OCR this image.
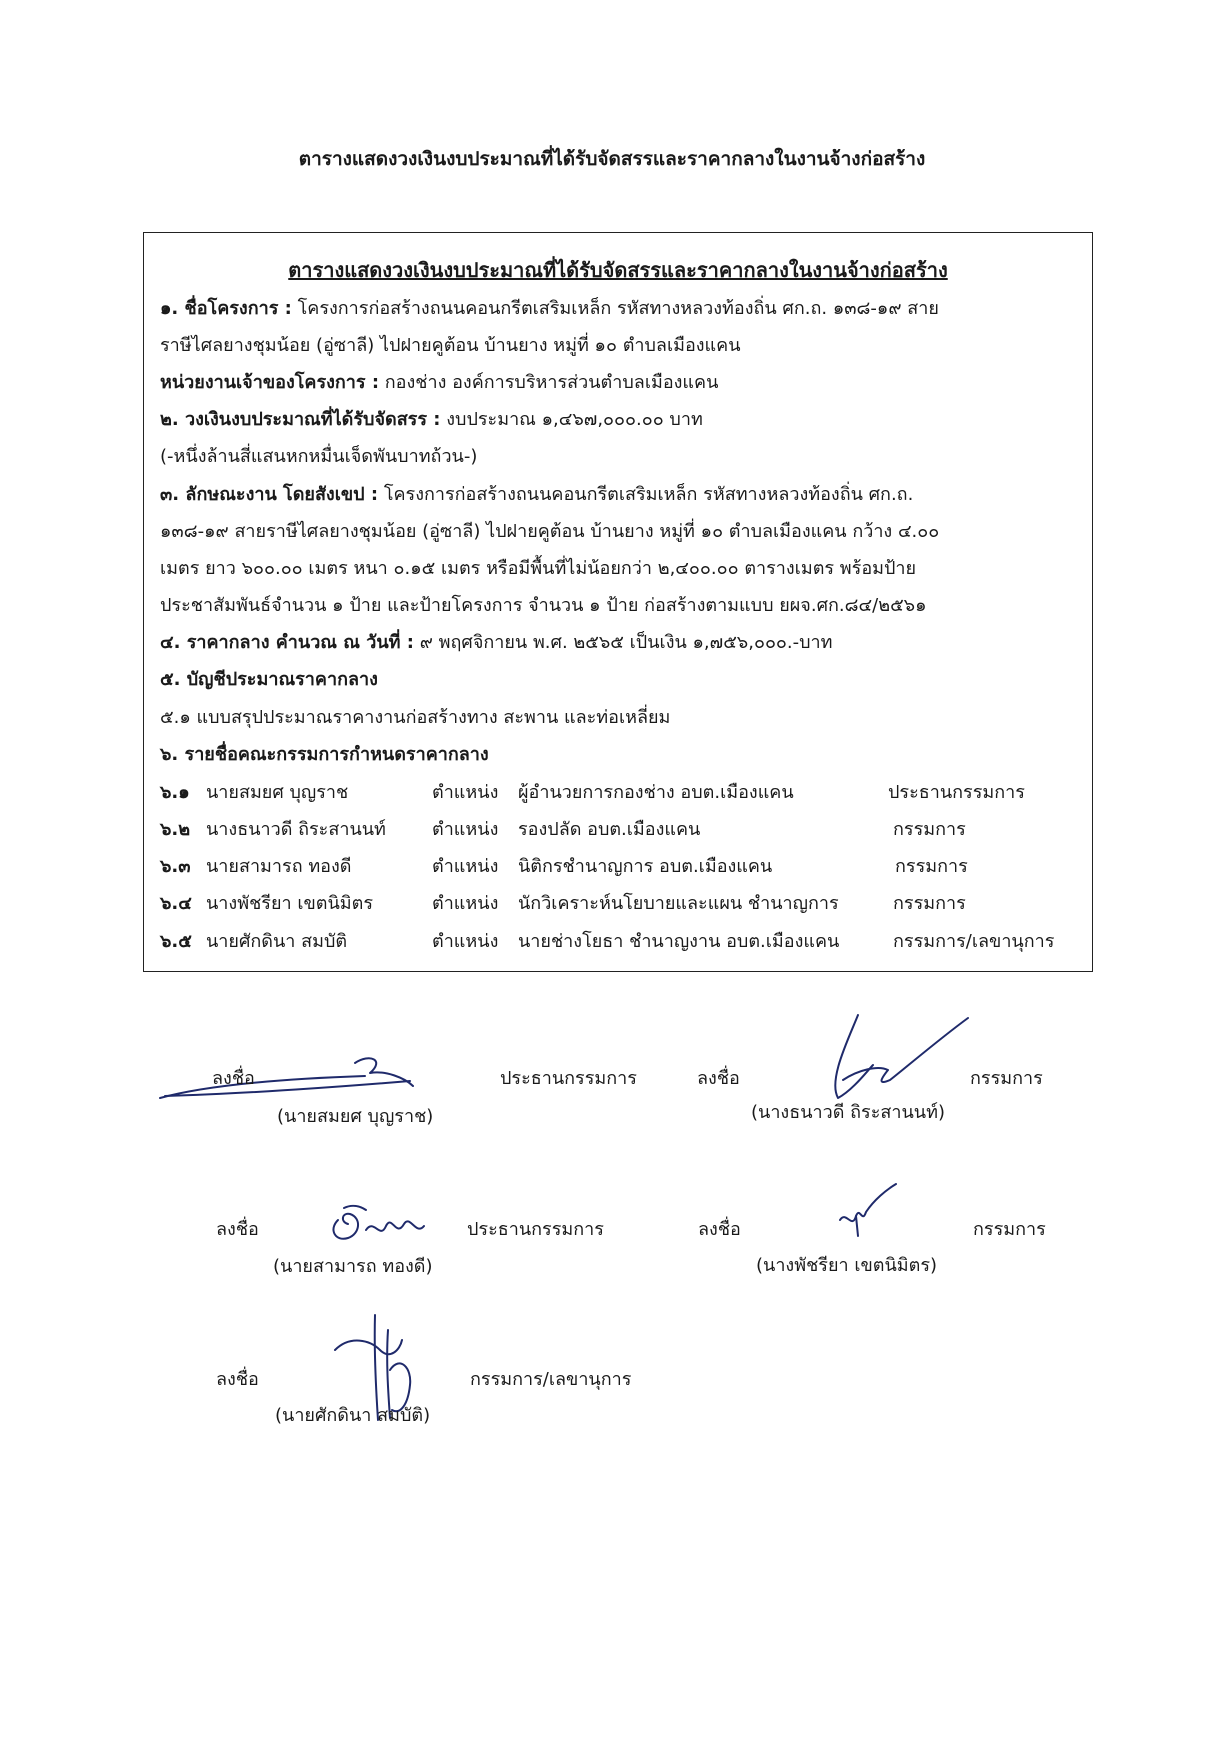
ตารางแสดงวงเงินงบประมาณที่ได้รับจัดสรรและราคากลางในงานจ้างก่อสร้าง
ตารางแสดงวงเงินงบประมาณที่ได้รับจัดสรรและราคากลางในงานจ้างก่อสร้าง
๑. ชื่อโครงการ : โครงการก่อสร้างถนนคอนกรีตเสริมเหล็ก รหัสทางหลวงท้องถิ่น ศก.ถ. ๑๓๘-๑๙ สาย
ราษีไศลยางชุมน้อย (อู่ซาลี) ไปฝายคูต้อน บ้านยาง หมู่ที่ ๑๐ ตำบลเมืองแคน
หน่วยงานเจ้าของโครงการ : กองช่าง องค์การบริหารส่วนตำบลเมืองแคน
๒. วงเงินงบประมาณที่ได้รับจัดสรร : งบประมาณ ๑,๔๖๗,๐๐๐.๐๐ บาท
(-หนึ่งล้านสี่แสนหกหมื่นเจ็ดพันบาทถ้วน-)
๓. ลักษณะงาน โดยสังเขป : โครงการก่อสร้างถนนคอนกรีตเสริมเหล็ก รหัสทางหลวงท้องถิ่น ศก.ถ.
๑๓๘-๑๙ สายราษีไศลยางชุมน้อย (อู่ซาลี) ไปฝายคูต้อน บ้านยาง หมู่ที่ ๑๐ ตำบลเมืองแคน กว้าง ๔.๐๐
เมตร ยาว ๖๐๐.๐๐ เมตร หนา ๐.๑๕ เมตร หรือมีพื้นที่ไม่น้อยกว่า ๒,๔๐๐.๐๐ ตารางเมตร พร้อมป้าย
ประชาสัมพันธ์จำนวน ๑ ป้าย และป้ายโครงการ จำนวน ๑ ป้าย ก่อสร้างตามแบบ ยผจ.ศก.๘๔/๒๕๖๑
๔. ราคากลาง คำนวณ ณ วันที่ : ๙ พฤศจิกายน พ.ศ. ๒๕๖๕ เป็นเงิน ๑,๗๕๖,๐๐๐.-บาท
๕. บัญชีประมาณราคากลาง
๕.๑ แบบสรุปประมาณราคางานก่อสร้างทาง สะพาน และท่อเหลี่ยม
๖. รายชื่อคณะกรรมการกำหนดราคากลาง
๖.๑ นายสมยศ บุญราช	ตำแหน่ง ผู้อำนวยการกองช่าง อบต.เมืองแคน	ประธานกรรมการ
๖.๒ นางธนาวดี ถิระสานนท์	ตำแหน่ง รองปลัด อบต.เมืองแคน	กรรมการ
๖.๓ นายสามารถ ทองดี	ตำแหน่ง นิติกรชำนาญการ อบต.เมืองแคน	กรรมการ
๖.๔ นางพัชรียา เขตนิมิตร	ตำแหน่ง นักวิเคราะห์นโยบายและแผน ชำนาญการ	กรรมการ
๖.๕ นายศักดินา สมบัติ	ตำแหน่ง นายช่างโยธา ชำนาญงาน อบต.เมืองแคน	กรรมการ/เลขานุการ
ลงชื่อ	ประธานกรรมการ
(นายสมยศ บุญราช)
ลงชื่อ	กรรมการ
(นางธนาวดี ถิระสานนท์)
ลงชื่อ	ประธานกรรมการ
(นายสามารถ ทองดี)
ลงชื่อ	กรรมการ
(นางพัชรียา เขตนิมิตร)
ลงชื่อ	กรรมการ/เลขานุการ
(นายศักดินา สมบัติ)
